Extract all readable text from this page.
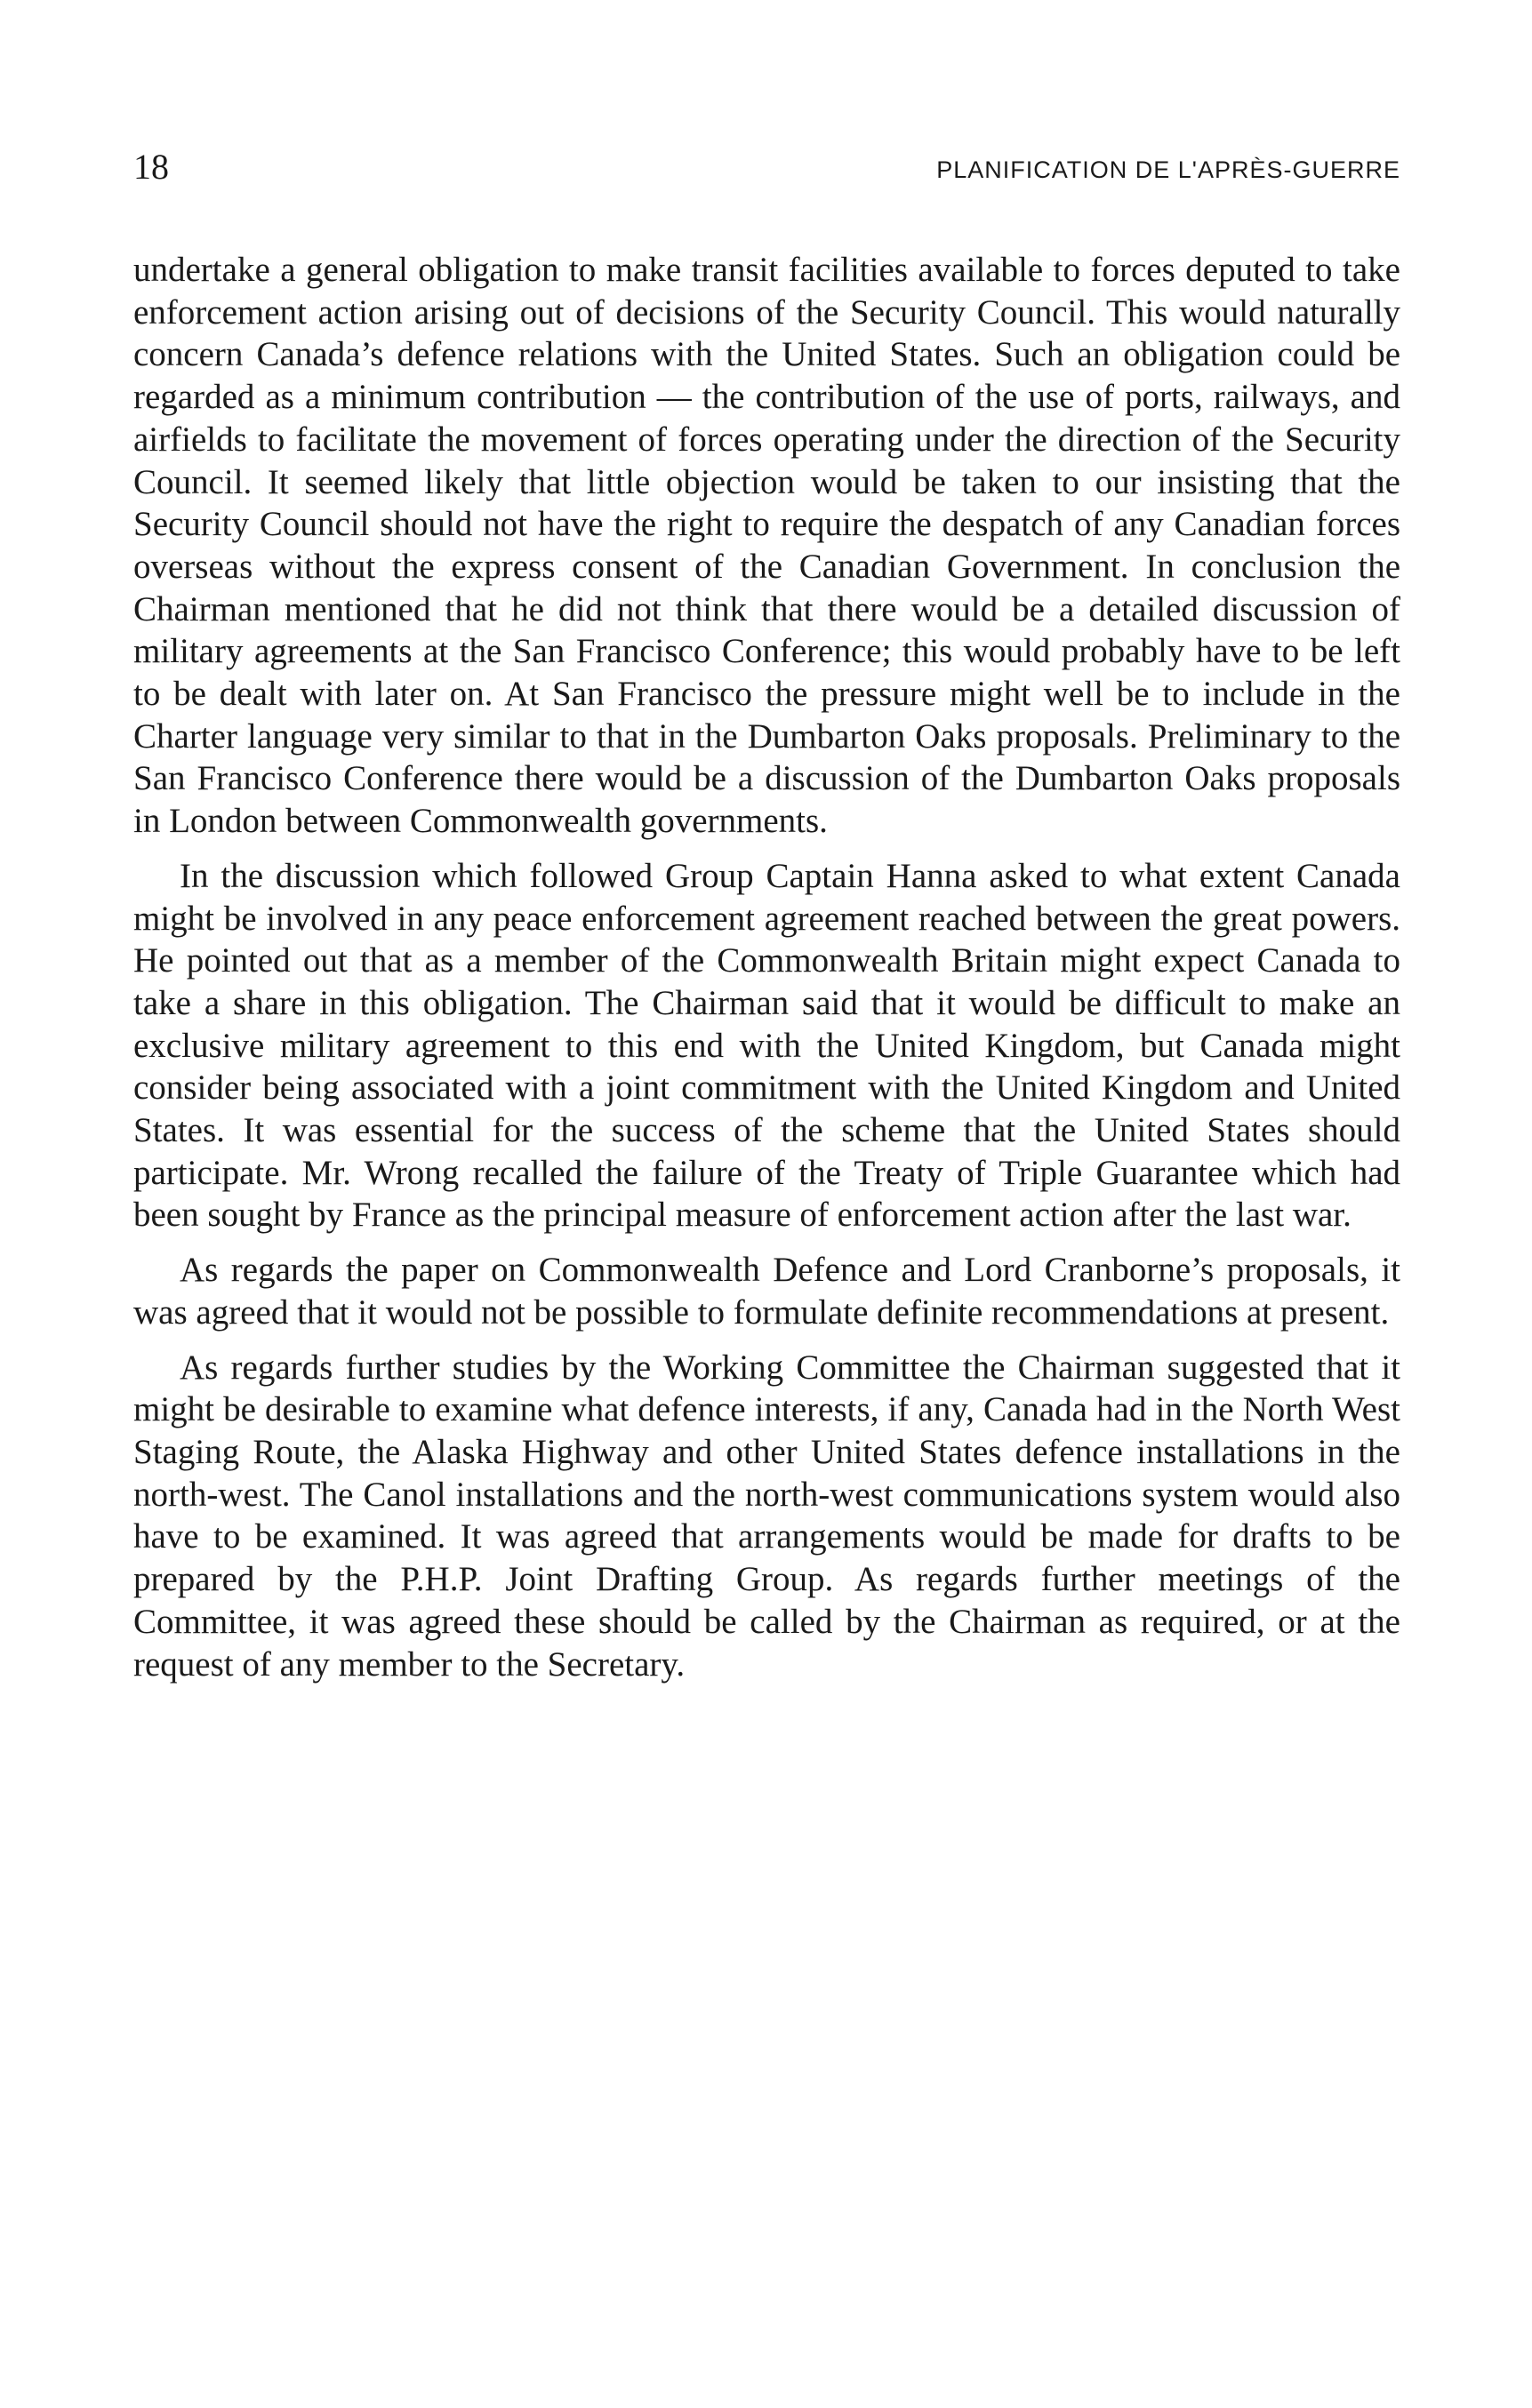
18	PLANIFICATION DE L'APRÈS-GUERRE

undertake a general obligation to make transit facilities available to forces deputed to take enforcement action arising out of decisions of the Security Council. This would naturally concern Canada’s defence relations with the United States. Such an obligation could be regarded as a minimum contribution — the contribution of the use of ports, railways, and airfields to facilitate the movement of forces operating under the direction of the Security Council. It seemed likely that little objection would be taken to our insisting that the Security Council should not have the right to require the despatch of any Canadian forces overseas without the express consent of the Canadian Government. In conclusion the Chairman mentioned that he did not think that there would be a detailed discussion of military agreements at the San Francisco Conference; this would probably have to be left to be dealt with later on. At San Francisco the pressure might well be to include in the Charter language very similar to that in the Dumbarton Oaks proposals. Preliminary to the San Francisco Conference there would be a discussion of the Dumbarton Oaks proposals in London between Commonwealth governments.

In the discussion which followed Group Captain Hanna asked to what extent Canada might be involved in any peace enforcement agreement reached between the great powers. He pointed out that as a member of the Commonwealth Britain might expect Canada to take a share in this obligation. The Chairman said that it would be difficult to make an exclusive military agreement to this end with the United Kingdom, but Canada might consider being associated with a joint commitment with the United Kingdom and United States. It was essential for the success of the scheme that the United States should participate. Mr. Wrong recalled the failure of the Treaty of Triple Guarantee which had been sought by France as the principal measure of enforcement action after the last war.

As regards the paper on Commonwealth Defence and Lord Cranborne’s proposals, it was agreed that it would not be possible to formulate definite recommendations at present.

As regards further studies by the Working Committee the Chairman suggested that it might be desirable to examine what defence interests, if any, Canada had in the North West Staging Route, the Alaska Highway and other United States defence installations in the north-west. The Canol installations and the north-west communications system would also have to be examined. It was agreed that arrangements would be made for drafts to be prepared by the P.H.P. Joint Drafting Group. As regards further meetings of the Committee, it was agreed these should be called by the Chairman as required, or at the request of any member to the Secretary.
